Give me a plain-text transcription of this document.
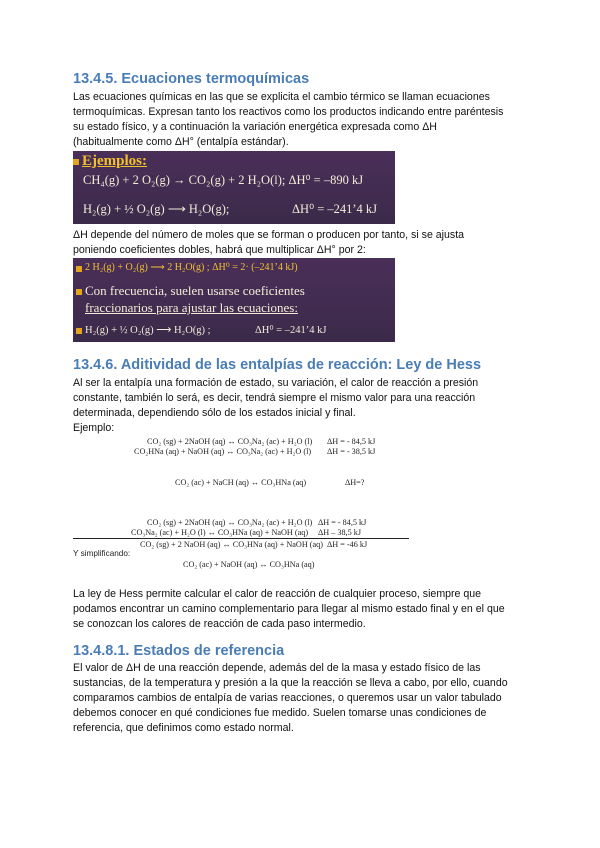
13.4.5. Ecuaciones termoquímicas
Las ecuaciones químicas en las que se explicita el cambio térmico se llaman ecuaciones
termoquímicas. Expresan tanto los reactivos como los productos indicando entre paréntesis
su estado físico, y a continuación la variación energética expresada como ΔH
(habitualmente como ΔH° (entalpía estándar).
Ejemplos:
CH₄(g) + 2 O₂(g) → CO₂(g) + 2 H₂O(l); ΔH⁰ = –890 kJ
H₂(g) + ½ O₂(g) ⟶ H₂O(g);	ΔH⁰ = –241’4 kJ
ΔH depende del número de moles que se forman o producen por tanto, si se ajusta
poniendo coeficientes dobles, habrá que multiplicar ΔH° por 2:
2 H₂(g) + O₂(g) ⟶ 2 H₂O(g) ; ΔH⁰ = 2· (–241’4 kJ)
Con frecuencia, suelen usarse coeficientes
fraccionarios para ajustar las ecuaciones:
H₂(g) + ½ O₂(g) ⟶ H₂O(g) ;	ΔH⁰ = –241’4 kJ
13.4.6. Aditividad de las entalpías de reacción: Ley de Hess
Al ser la entalpía una formación de estado, su variación, el calor de reacción a presión
constante, también lo será, es decir, tendrá siempre el mismo valor para una reacción
determinada, dependiendo sólo de los estados inicial y final.
Ejemplo:
CO₂ (sg) + 2NaOH (aq) ↔ CO₃Na₂ (ac) + H₂O (l) ΔH = - 84,5 kJ
CO₂HNa (aq) + NaOH (aq) ↔ CO₃Na₂ (ac) + H₂O (l) ΔH = - 38,5 kJ
CO₂ (ac) + NaCH (aq) ↔ CO₃HNa (aq)	ΔH=?
CO₂ (sg) + 2NaOH (aq) ↔ CO₃Na₂ (ac) + H₂O (l) ΔH = - 84,5 kJ
CO₃Na₂ (ac) + H₂O (l) ↔ CO₃HNa (aq) + NaOH (aq) ΔH – 38,5 kJ
CO₂ (sg) + 2 NaOH (aq) ↔ CO₃HNa (aq) + NaOH (aq) ΔH = -46 kJ
Y simplificando:
CO₂ (ac) + NaOH (aq) ↔ CO₃HNa (aq)
La ley de Hess permite calcular el calor de reacción de cualquier proceso, siempre que
podamos encontrar un camino complementario para llegar al mismo estado final y en el que
se conozcan los calores de reacción de cada paso intermedio.
13.4.8.1. Estados de referencia
El valor de ΔH de una reacción depende, además del de la masa y estado físico de las
sustancias, de la temperatura y presión a la que la reacción se lleva a cabo, por ello, cuando
comparamos cambios de entalpía de varias reacciones, o queremos usar un valor tabulado
debemos conocer en qué condiciones fue medido. Suelen tomarse unas condiciones de
referencia, que definimos como estado normal.
